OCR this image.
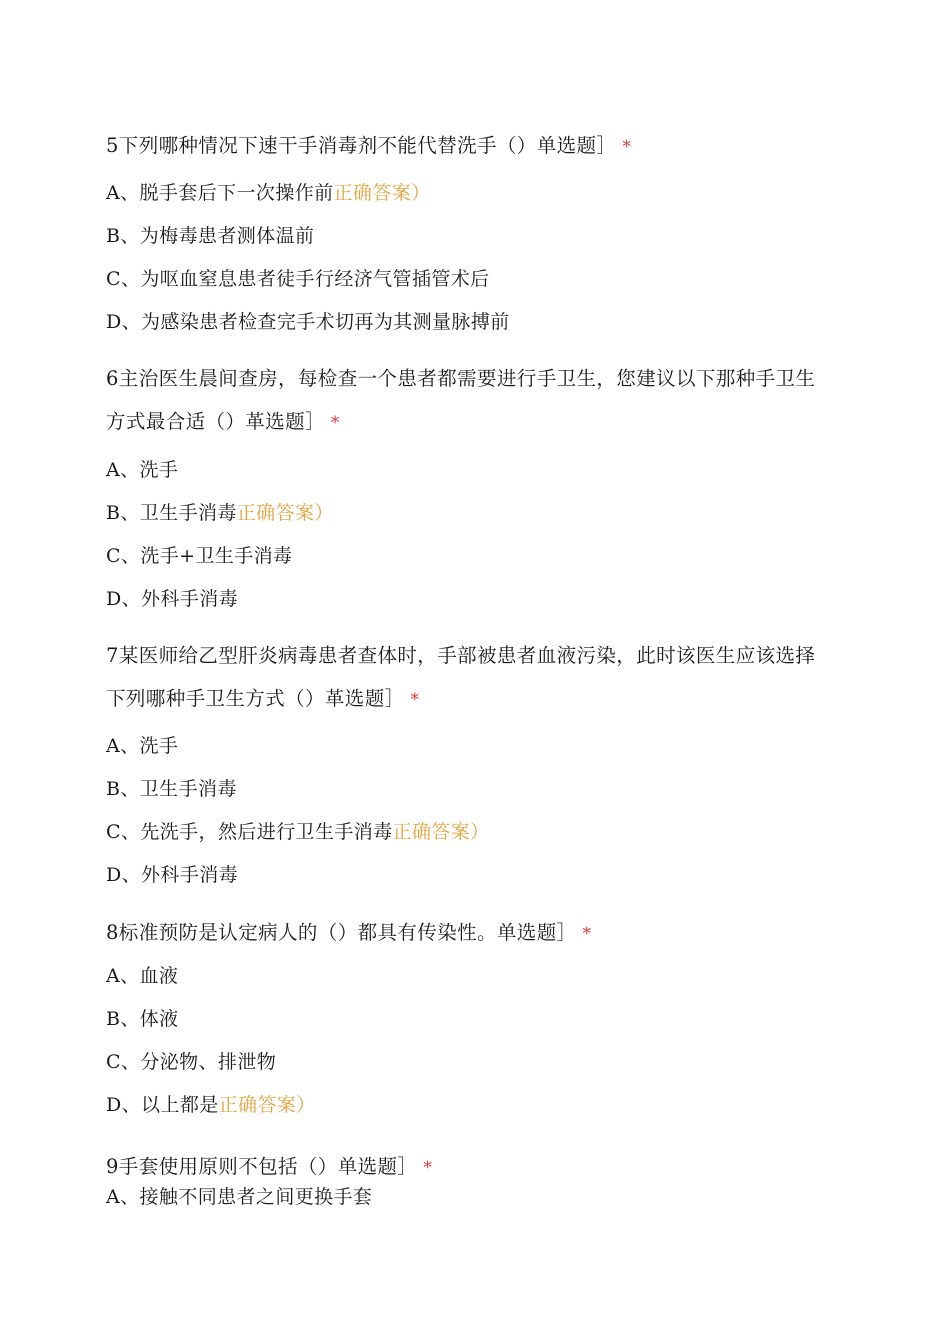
5下列哪种情况下速干手消毒剂不能代替洗手（）单选题］ *
A、脱手套后下一次操作前正确答案）
B、为梅毒患者测体温前
C、为呕血窒息患者徒手行经济气管插管术后
D、为感染患者检查完手术切再为其测量脉搏前
6主治医生晨间查房，每检查一个患者都需要进行手卫生，您建议以下那种手卫生
方式最合适（）革选题］ *
A、洗手
B、卫生手消毒正确答案）
C、洗手+卫生手消毒
D、外科手消毒
7某医师给乙型肝炎病毒患者查体时，手部被患者血液污染，此时该医生应该选择
下列哪种手卫生方式（）革选题］ *
A、洗手
B、卫生手消毒
C、先洗手，然后进行卫生手消毒正确答案）
D、外科手消毒
8标准预防是认定病人的（）都具有传染性。单选题］ *
A、血液
B、体液
C、分泌物、排泄物
D、以上都是正确答案）
9手套使用原则不包括（）单选题］ *
A、接触不同患者之间更换手套
